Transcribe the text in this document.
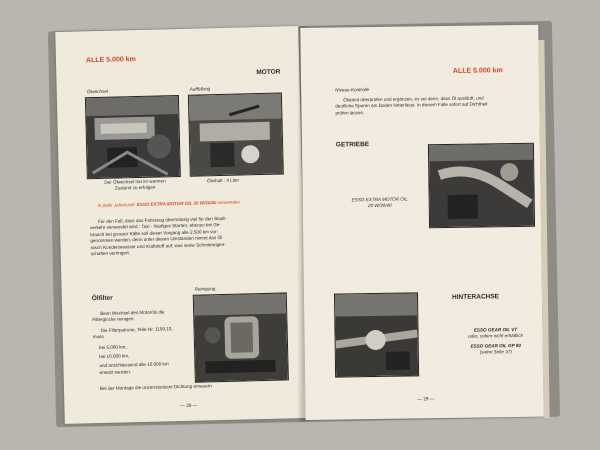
ALLE 5.000 km
MOTOR
Ölwechsel	Auffüllung
Der Ölwechsel hat im warmen
Zustand zu erfolgen
Ölinhalt : 4 Liter
In jeder Jahreszeit: ESSO EXTRA MOTOR OIL 20 W/30/40 verwenden
Für den Fall, dass das Fahrzeug übermässig viel für den Stadt-
verkehr verwendet wird : Taxi - häufiges Starten, ebenso bei Ge-
brauch bei grosser Kälte soll dieser Vorgang alle 2.500 km vor-
genommen werden, denn unter diesen Umständen nimmt das Öl
rasch Kondenswasser und Kraftstoff auf, was seine Schmiereigen-
schaften verringert.
Ölfilter
Reinigung
Beim Wechsel des Motoröls die
Filterglocke reinigen.
Die Filterpatrone, Teile-Nr. 1109.10,
muss
bei 5.000 km,
bei 10.000 km,
und anschliessend alle 10.000 km
ersetzt werden.
Bei der Montage die unzerreissbare Dichtung erneuern
— 28 —
Niveau-Kontrolle
ALLE 5.000 km
Ölstand überprüfen und ergänzen, es sei denn, dass Öl ausläuft, und
deutliche Spuren am Boden hinterlässt. In diesem Falle sofort auf Dichtheit
prüfen lassen.
GETRIEBE
ESSO EXTRA MOTOR OIL
20 W/30/40
HINTERACHSE
ESSO GEAR OIL VT
oder, sofern nicht erhältlich
ESSO GEAR OIL GP 90
(siehe Seite 37)
— 29 —
